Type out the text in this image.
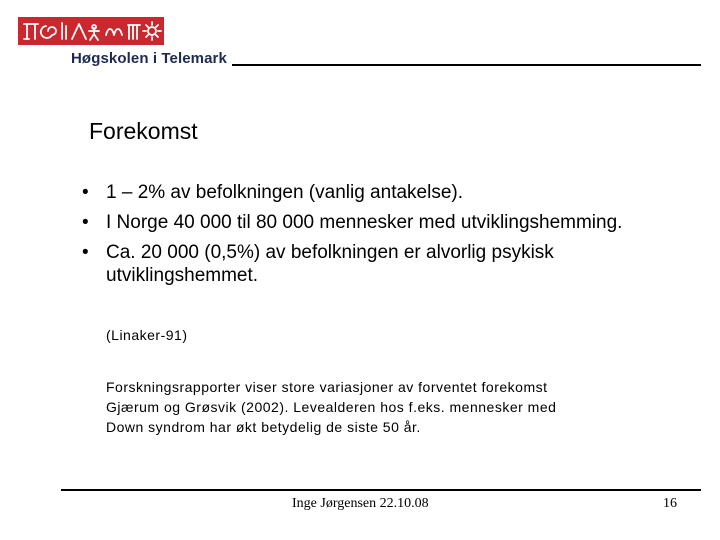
Høgskolen i Telemark
Forekomst
• 1 – 2% av befolkningen (vanlig antakelse).
• I Norge 40 000 til 80 000 mennesker med utviklingshemming.
• Ca. 20 000 (0,5%) av befolkningen er alvorlig psykisk utviklingshemmet.
(Linaker-91)
Forskningsrapporter viser store variasjoner av forventet forekomst
Gjærum og Grøsvik (2002). Levealderen hos f.eks. mennesker med
Down syndrom har økt betydelig de siste 50 år.
Inge Jørgensen 22.10.08	16
